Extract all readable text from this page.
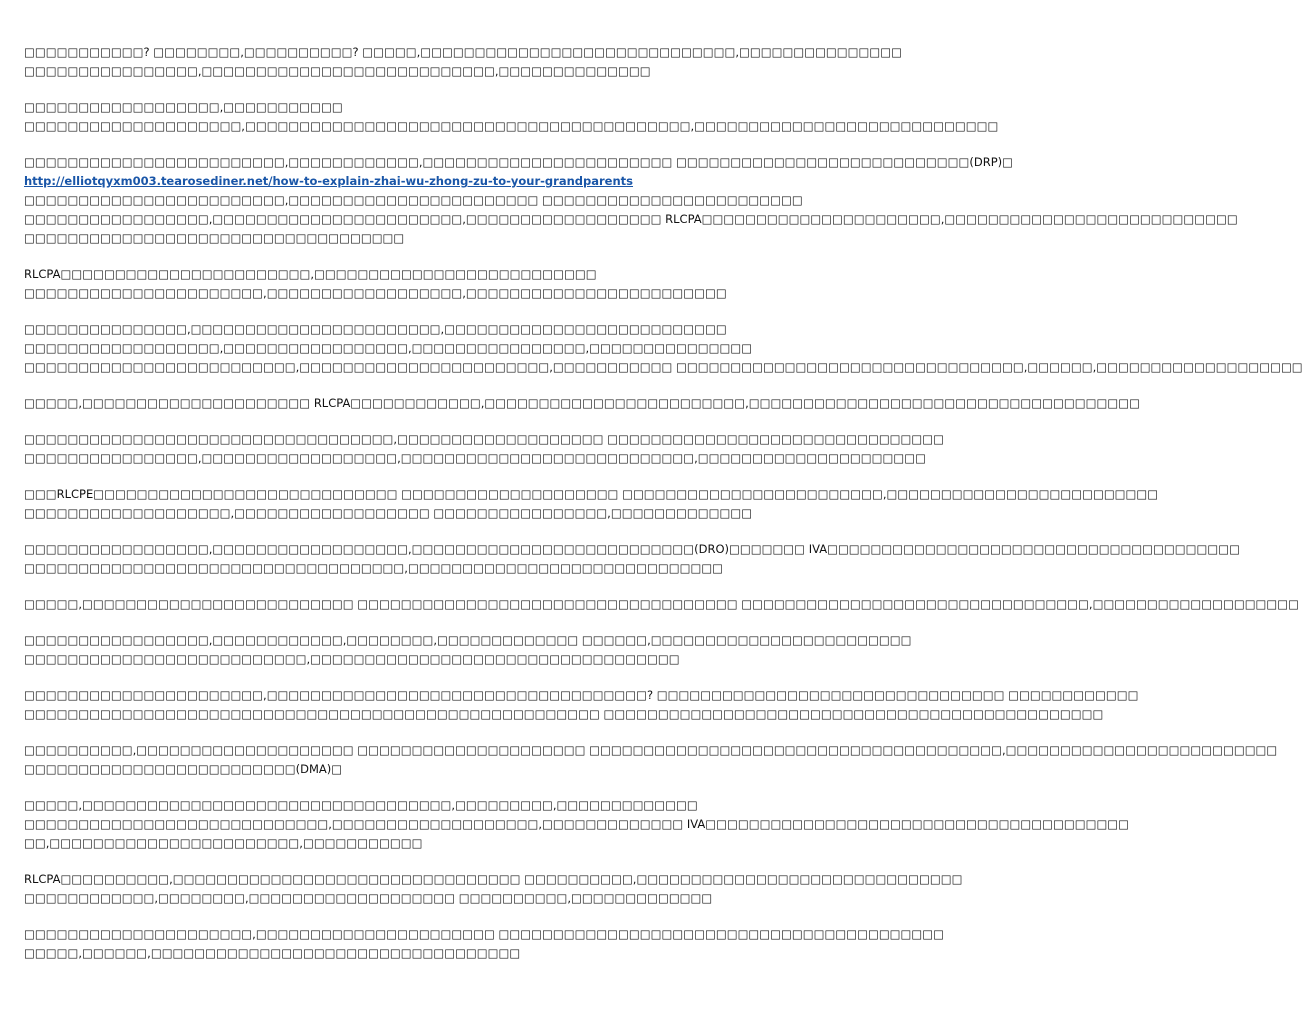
□□□□□□□□□□□? □□□□□□□□,□□□□□□□□□□? □□□□□,□□□□□□□□□□□□□□□□□□□□□□□□□□□□□,□□□□□□□□□□□□□□□
□□□□□□□□□□□□□□□□,□□□□□□□□□□□□□□□□□□□□□□□□□□□,□□□□□□□□□□□□□□

□□□□□□□□□□□□□□□□□□,□□□□□□□□□□□
□□□□□□□□□□□□□□□□□□□□,□□□□□□□□□□□□□□□□□□□□□□□□□□□□□□□□□□□□□□□□□,□□□□□□□□□□□□□□□□□□□□□□□□□□□□

□□□□□□□□□□□□□□□□□□□□□□□□,□□□□□□□□□□□□,□□□□□□□□□□□□□□□□□□□□□□□ □□□□□□□□□□□□□□□□□□□□□□□□□□□(DRP)□
http://elliotqyxm003.tearosediner.net/how-to-explain-zhai-wu-zhong-zu-to-your-grandparents
□□□□□□□□□□□□□□□□□□□□□□□□,□□□□□□□□□□□□□□□□□□□□□□□ □□□□□□□□□□□□□□□□□□□□□□□□
□□□□□□□□□□□□□□□□□,□□□□□□□□□□□□□□□□□□□□□□□,□□□□□□□□□□□□□□□□□□ RLCPA□□□□□□□□□□□□□□□□□□□□□□,□□□□□□□□□□□□□□□□□□□□□□□□□□□
□□□□□□□□□□□□□□□□□□□□□□□□□□□□□□□□□□□

RLCPA□□□□□□□□□□□□□□□□□□□□□□□,□□□□□□□□□□□□□□□□□□□□□□□□□□
□□□□□□□□□□□□□□□□□□□□□□,□□□□□□□□□□□□□□□□□□,□□□□□□□□□□□□□□□□□□□□□□□□

□□□□□□□□□□□□□□□,□□□□□□□□□□□□□□□□□□□□□□□,□□□□□□□□□□□□□□□□□□□□□□□□□□
□□□□□□□□□□□□□□□□□□,□□□□□□□□□□□□□□□□□,□□□□□□□□□□□□□□□□,□□□□□□□□□□□□□□□
□□□□□□□□□□□□□□□□□□□□□□□□□,□□□□□□□□□□□□□□□□□□□□□□□,□□□□□□□□□□□ □□□□□□□□□□□□□□□□□□□□□□□□□□□□□□□□,□□□□□□,□□□□□□□□□□□□□□□□□□□

□□□□□,□□□□□□□□□□□□□□□□□□□□□ RLCPA□□□□□□□□□□□□,□□□□□□□□□□□□□□□□□□□□□□□□,□□□□□□□□□□□□□□□□□□□□□□□□□□□□□□□□□□□□

□□□□□□□□□□□□□□□□□□□□□□□□□□□□□□□□□□,□□□□□□□□□□□□□□□□□□□ □□□□□□□□□□□□□□□□□□□□□□□□□□□□□□□
□□□□□□□□□□□□□□□□,□□□□□□□□□□□□□□□□□□,□□□□□□□□□□□□□□□□□□□□□□□□□□□,□□□□□□□□□□□□□□□□□□□□□

□□□RLCPE□□□□□□□□□□□□□□□□□□□□□□□□□□□□ □□□□□□□□□□□□□□□□□□□□ □□□□□□□□□□□□□□□□□□□□□□□□,□□□□□□□□□□□□□□□□□□□□□□□□□
□□□□□□□□□□□□□□□□□□□,□□□□□□□□□□□□□□□□□□ □□□□□□□□□□□□□□□□,□□□□□□□□□□□□□

□□□□□□□□□□□□□□□□□,□□□□□□□□□□□□□□□□□□,□□□□□□□□□□□□□□□□□□□□□□□□□□(DRO)□□□□□□□ IVA□□□□□□□□□□□□□□□□□□□□□□□□□□□□□□□□□□□□□□
□□□□□□□□□□□□□□□□□□□□□□□□□□□□□□□□□□□,□□□□□□□□□□□□□□□□□□□□□□□□□□□□□

□□□□□,□□□□□□□□□□□□□□□□□□□□□□□□□ □□□□□□□□□□□□□□□□□□□□□□□□□□□□□□□□□□□ □□□□□□□□□□□□□□□□□□□□□□□□□□□□□□□□,□□□□□□□□□□□□□□□□□□□

□□□□□□□□□□□□□□□□□,□□□□□□□□□□□□,□□□□□□□□,□□□□□□□□□□□□□ □□□□□□,□□□□□□□□□□□□□□□□□□□□□□□□
□□□□□□□□□□□□□□□□□□□□□□□□□□,□□□□□□□□□□□□□□□□□□□□□□□□□□□□□□□□□□

□□□□□□□□□□□□□□□□□□□□□□,□□□□□□□□□□□□□□□□□□□□□□□□□□□□□□□□□□□? □□□□□□□□□□□□□□□□□□□□□□□□□□□□□□□□ □□□□□□□□□□□□
□□□□□□□□□□□□□□□□□□□□□□□□□□□□□□□□□□□□□□□□□□□□□□□□□□□□□ □□□□□□□□□□□□□□□□□□□□□□□□□□□□□□□□□□□□□□□□□□□□□□

□□□□□□□□□□,□□□□□□□□□□□□□□□□□□□□ □□□□□□□□□□□□□□□□□□□□□ □□□□□□□□□□□□□□□□□□□□□□□□□□□□□□□□□□□□□□,□□□□□□□□□□□□□□□□□□□□□□□□□
□□□□□□□□□□□□□□□□□□□□□□□□□(DMA)□

□□□□□,□□□□□□□□□□□□□□□□□□□□□□□□□□□□□□□□□□,□□□□□□□□□,□□□□□□□□□□□□□
□□□□□□□□□□□□□□□□□□□□□□□□□□□□,□□□□□□□□□□□□□□□□□□□,□□□□□□□□□□□□□ IVA□□□□□□□□□□□□□□□□□□□□□□□□□□□□□□□□□□□□□□□
□□,□□□□□□□□□□□□□□□□□□□□□□□,□□□□□□□□□□□

RLCPA□□□□□□□□□□,□□□□□□□□□□□□□□□□□□□□□□□□□□□□□□□□ □□□□□□□□□□,□□□□□□□□□□□□□□□□□□□□□□□□□□□□□□
□□□□□□□□□□□□,□□□□□□□□,□□□□□□□□□□□□□□□□□□□ □□□□□□□□□□,□□□□□□□□□□□□□

□□□□□□□□□□□□□□□□□□□□□,□□□□□□□□□□□□□□□□□□□□□□ □□□□□□□□□□□□□□□□□□□□□□□□□□□□□□□□□□□□□□□□□
□□□□□,□□□□□□,□□□□□□□□□□□□□□□□□□□□□□□□□□□□□□□□□□
